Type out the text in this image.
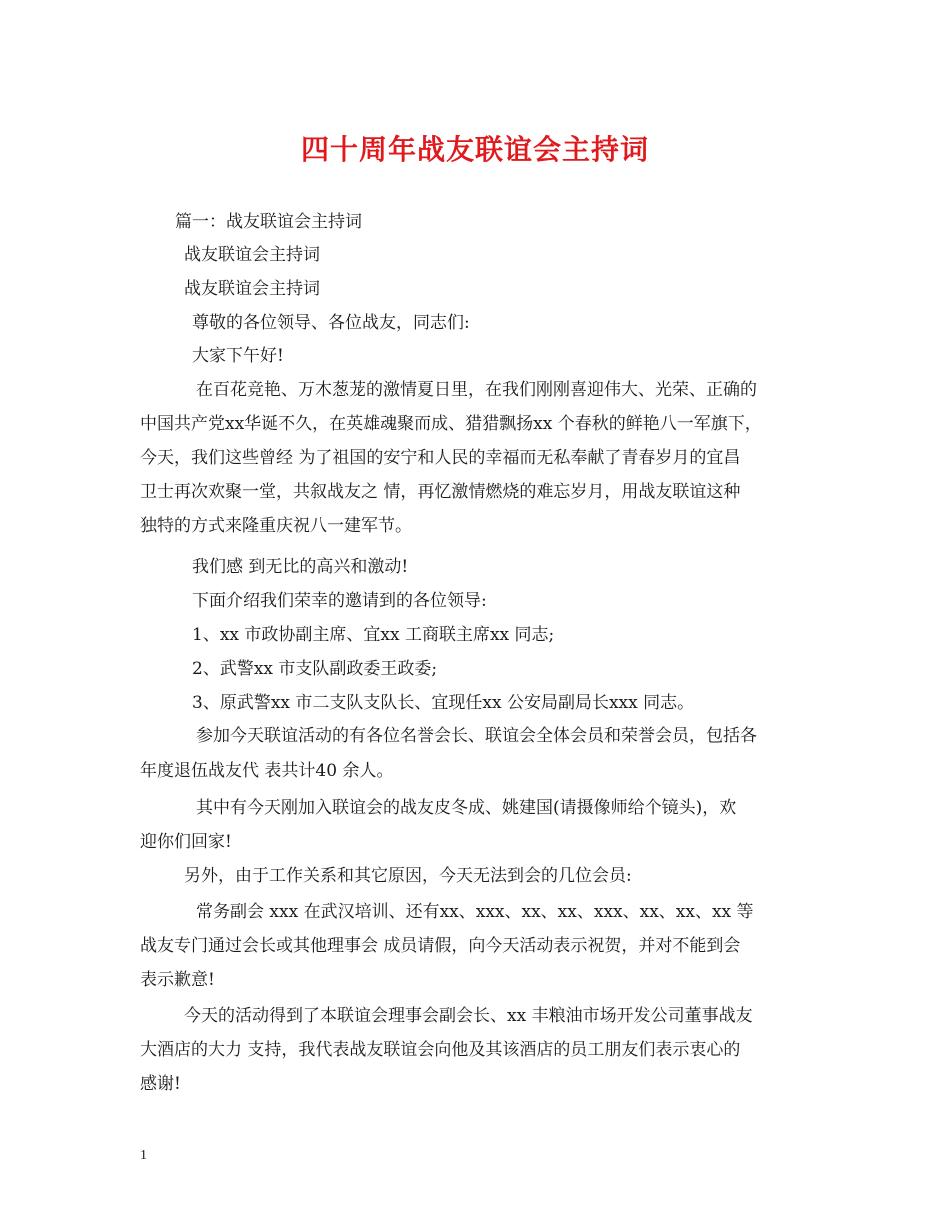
四十周年战友联谊会主持词
篇一：战友联谊会主持词
战友联谊会主持词
战友联谊会主持词
尊敬的各位领导、各位战友，同志们:
大家下午好!
在百花竞艳、万木葱茏的激情夏日里，在我们刚刚喜迎伟大、光荣、正确的
中国共产党xx华诞不久，在英雄魂聚而成、猎猎飘扬xx 个春秋的鲜艳八一军旗下，
今天，我们这些曾经 为了祖国的安宁和人民的幸福而无私奉献了青春岁月的宜昌
卫士再次欢聚一堂，共叙战友之 情，再忆激情燃烧的难忘岁月，用战友联谊这种
独特的方式来隆重庆祝八一建军节。
我们感 到无比的高兴和激动!
下面介绍我们荣幸的邀请到的各位领导:
1、xx 市政协副主席、宜xx 工商联主席xx 同志;
2、武警xx 市支队副政委王政委;
3、原武警xx 市二支队支队长、宜现任xx 公安局副局长xxx 同志。
参加今天联谊活动的有各位名誉会长、联谊会全体会员和荣誉会员，包括各
年度退伍战友代 表共计40 余人。
其中有今天刚加入联谊会的战友皮冬成、姚建国(请摄像师给个镜头)，欢
迎你们回家!
另外，由于工作关系和其它原因，今天无法到会的几位会员:
常务副会 xxx 在武汉培训、还有xx、xxx、xx、xx、xxx、xx、xx、xx 等
战友专门通过会长或其他理事会 成员请假，向今天活动表示祝贺，并对不能到会
表示歉意!
今天的活动得到了本联谊会理事会副会长、xx 丰粮油市场开发公司董事战友
大酒店的大力 支持，我代表战友联谊会向他及其该酒店的员工朋友们表示衷心的
感谢!
1
